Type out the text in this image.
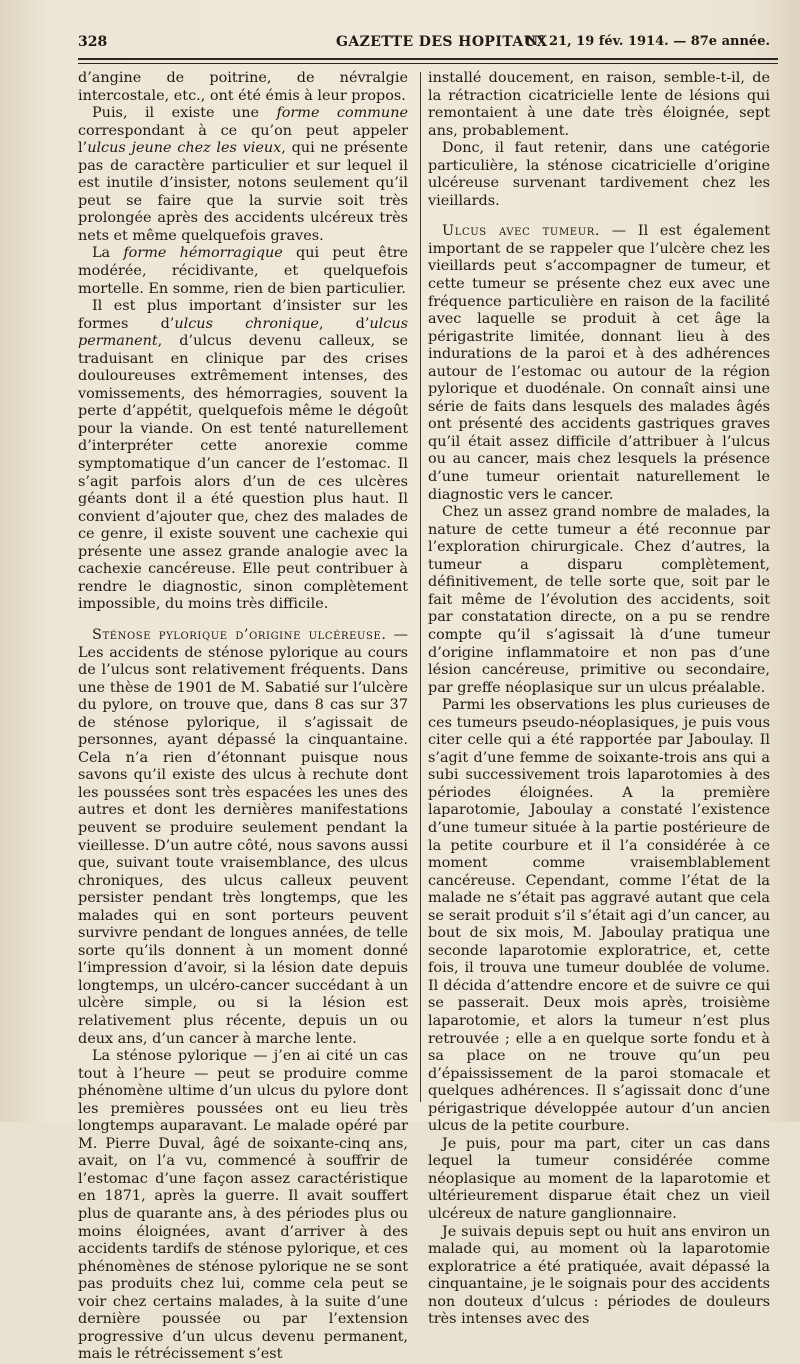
328	GAZETTE DES HOPITAUX
N° 21, 19 fév. 1914. — 87e année.

d’angine de poitrine, de névralgie intercostale, etc., ont été émis à leur propos.

Puis, il existe une forme commune correspondant à ce qu’on peut appeler l’ulcus jeune chez les vieux, qui ne présente pas de caractère particulier et sur lequel il est inutile d’insister, notons seulement qu’il peut se faire que la survie soit très prolongée après des accidents ulcéreux très nets et même quelquefois graves.

La forme hémorragique qui peut être modérée, récidivante, et quelquefois mortelle. En somme, rien de bien particulier.

Il est plus important d’insister sur les formes d’ulcus chronique, d’ulcus permanent, d’ulcus devenu calleux, se traduisant en clinique par des crises douloureuses extrêmement intenses, des vomissements, des hémorragies, souvent la perte d’appétit, quelquefois même le dégoût pour la viande. On est tenté naturellement d’interpréter cette anorexie comme symptomatique d’un cancer de l’estomac. Il s’agit parfois alors d’un de ces ulcères géants dont il a été question plus haut. Il convient d’ajouter que, chez des malades de ce genre, il existe souvent une cachexie qui présente une assez grande analogie avec la cachexie cancéreuse. Elle peut contribuer à rendre le diagnostic, sinon complètement impossible, du moins très difficile.

Sténose pylorique d’origine ulcéreuse. — Les accidents de sténose pylorique au cours de l’ulcus sont relativement fréquents. Dans une thèse de 1901 de M. Sabatié sur l’ulcère du pylore, on trouve que, dans 8 cas sur 37 de sténose pylorique, il s’agissait de personnes, ayant dépassé la cinquantaine. Cela n’a rien d’étonnant puisque nous savons qu’il existe des ulcus à rechute dont les poussées sont très espacées les unes des autres et dont les dernières manifestations peuvent se produire seulement pendant la vieillesse. D’un autre côté, nous savons aussi que, suivant toute vraisemblance, des ulcus chroniques, des ulcus calleux peuvent persister pendant très longtemps, que les malades qui en sont porteurs peuvent survivre pendant de longues années, de telle sorte qu’ils donnent à un moment donné l’impression d’avoir, si la lésion date depuis longtemps, un ulcéro-cancer succédant à un ulcère simple, ou si la lésion est relativement plus récente, depuis un ou deux ans, d’un cancer à marche lente.

La sténose pylorique — j’en ai cité un cas tout à l’heure — peut se produire comme phénomène ultime d’un ulcus du pylore dont les premières poussées ont eu lieu très longtemps auparavant. Le malade opéré par M. Pierre Duval, âgé de soixante-cinq ans, avait, on l’a vu, commencé à souffrir de l’estomac d’une façon assez caractéristique en 1871, après la guerre. Il avait souffert plus de quarante ans, à des périodes plus ou moins éloignées, avant d’arriver à des accidents tardifs de sténose pylorique, et ces phénomènes de sténose pylorique ne se sont pas produits chez lui, comme cela peut se voir chez certains malades, à la suite d’une dernière poussée ou par l’extension progressive d’un ulcus devenu permanent, mais le rétrécissement s’est

installé doucement, en raison, semble-t-il, de la rétraction cicatricielle lente de lésions qui remontaient à une date très éloignée, sept ans, probablement.

Donc, il faut retenir, dans une catégorie particulière, la sténose cicatricielle d’origine ulcéreuse survenant tardivement chez les vieillards.

Ulcus avec tumeur. — Il est également important de se rappeler que l’ulcère chez les vieillards peut s’accompagner de tumeur, et cette tumeur se présente chez eux avec une fréquence particulière en raison de la facilité avec laquelle se produit à cet âge la périgastrite limitée, donnant lieu à des indurations de la paroi et à des adhérences autour de l’estomac ou autour de la région pylorique et duodénale. On connaît ainsi une série de faits dans lesquels des malades âgés ont présenté des accidents gastriques graves qu’il était assez difficile d’attribuer à l’ulcus ou au cancer, mais chez lesquels la présence d’une tumeur orientait naturellement le diagnostic vers le cancer.

Chez un assez grand nombre de malades, la nature de cette tumeur a été reconnue par l’exploration chirurgicale. Chez d’autres, la tumeur a disparu complètement, définitivement, de telle sorte que, soit par le fait même de l’évolution des accidents, soit par constatation directe, on a pu se rendre compte qu’il s’agissait là d’une tumeur d’origine inflammatoire et non pas d’une lésion cancéreuse, primitive ou secondaire, par greffe néoplasique sur un ulcus préalable.

Parmi les observations les plus curieuses de ces tumeurs pseudo-néoplasiques, je puis vous citer celle qui a été rapportée par Jaboulay. Il s’agit d’une femme de soixante-trois ans qui a subi successivement trois laparotomies à des périodes éloignées. A la première laparotomie, Jaboulay a constaté l’existence d’une tumeur située à la partie postérieure de la petite courbure et il l’a considérée à ce moment comme vraisemblablement cancéreuse. Cependant, comme l’état de la malade ne s’était pas aggravé autant que cela se serait produit s’il s’était agi d’un cancer, au bout de six mois, M. Jaboulay pratiqua une seconde laparotomie exploratrice, et, cette fois, il trouva une tumeur doublée de volume. Il décida d’attendre encore et de suivre ce qui se passerait. Deux mois après, troisième laparotomie, et alors la tumeur n’est plus retrouvée ; elle a en quelque sorte fondu et à sa place on ne trouve qu’un peu d’épaississement de la paroi stomacale et quelques adhérences. Il s’agissait donc d’une périgastrique développée autour d’un ancien ulcus de la petite courbure.

Je puis, pour ma part, citer un cas dans lequel la tumeur considérée comme néoplasique au moment de la laparotomie et ultérieurement disparue était chez un vieil ulcéreux de nature ganglionnaire.

Je suivais depuis sept ou huit ans environ un malade qui, au moment où la laparotomie exploratrice a été pratiquée, avait dépassé la cinquantaine, je le soignais pour des accidents non douteux d’ulcus : périodes de douleurs très intenses avec des
